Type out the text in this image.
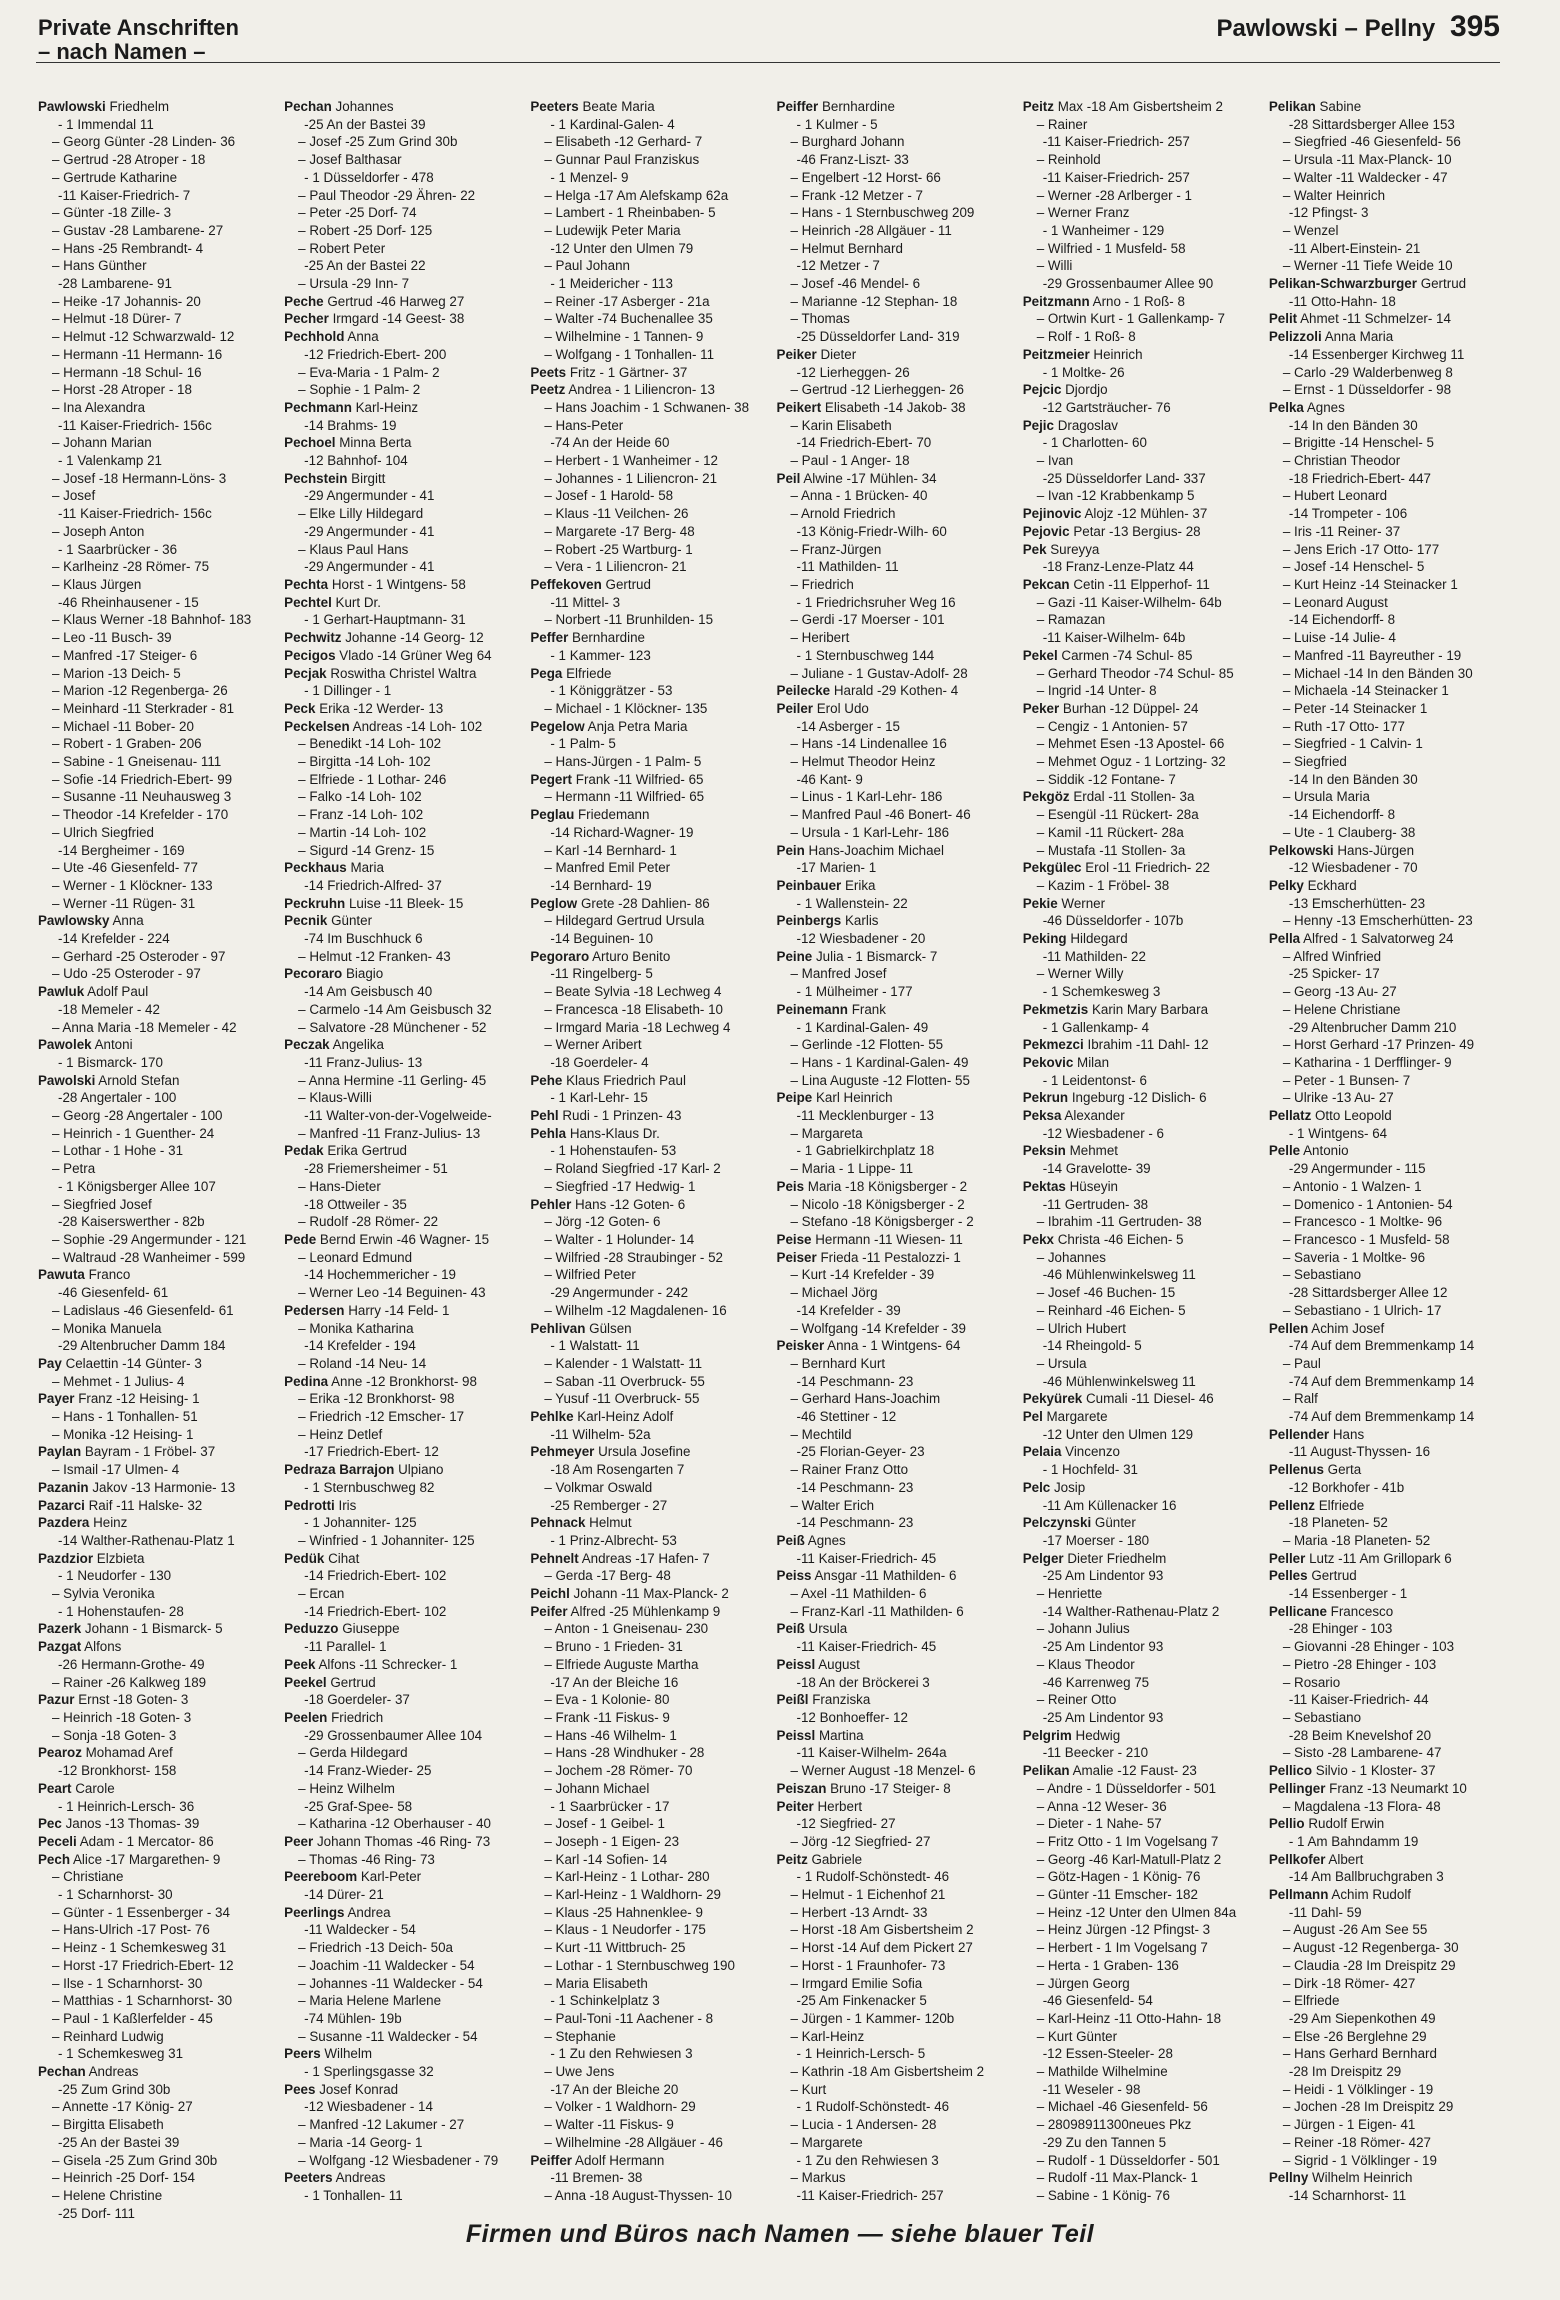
Private Anschriften
– nach Namen –
Pawlowski – Pellny 395
Pawlowski Friedhelm
- 1 Immendal 11
– Georg Günter -28 Linden- 36
– Gertrud -28 Atroper - 18
– Gertrude Katharine
-11 Kaiser-Friedrich- 7
– Günter -18 Zille- 3
– Gustav -28 Lambarene- 27
– Hans -25 Rembrandt- 4
– Hans Günther
-28 Lambarene- 91
– Heike -17 Johannis- 20
– Helmut -18 Dürer- 7
– Helmut -12 Schwarzwald- 12
– Hermann -11 Hermann- 16
– Hermann -18 Schul- 16
– Horst -28 Atroper - 18
– Ina Alexandra
-11 Kaiser-Friedrich- 156c
– Johann Marian
- 1 Valenkamp 21
– Josef -18 Hermann-Löns- 3
– Josef
-11 Kaiser-Friedrich- 156c
– Joseph Anton
- 1 Saarbrücker - 36
– Karlheinz -28 Römer- 75
– Klaus Jürgen
-46 Rheinhausener - 15
– Klaus Werner -18 Bahnhof- 183
– Leo -11 Busch- 39
– Manfred -17 Steiger- 6
– Marion -13 Deich- 5
– Marion -12 Regenberga- 26
– Meinhard -11 Sterkrader - 81
– Michael -11 Bober- 20
– Robert - 1 Graben- 206
– Sabine - 1 Gneisenau- 111
– Sofie -14 Friedrich-Ebert- 99
– Susanne -11 Neuhausweg 3
– Theodor -14 Krefelder - 170
– Ulrich Siegfried
-14 Bergheimer - 169
– Ute -46 Giesenfeld- 77
– Werner - 1 Klöckner- 133
– Werner -11 Rügen- 31
Pawlowsky Anna
-14 Krefelder - 224
– Gerhard -25 Osteroder - 97
– Udo -25 Osteroder - 97
Pawluk Adolf Paul
-18 Memeler - 42
– Anna Maria -18 Memeler - 42
Pawolek Antoni
- 1 Bismarck- 170
Pawolski Arnold Stefan
-28 Angertaler - 100
– Georg -28 Angertaler - 100
– Heinrich - 1 Guenther- 24
– Lothar - 1 Hohe - 31
– Petra
- 1 Königsberger Allee 107
– Siegfried Josef
-28 Kaiserswerther - 82b
– Sophie -29 Angermunder - 121
– Waltraud -28 Wanheimer - 599
Pawuta Franco
-46 Giesenfeld- 61
– Ladislaus -46 Giesenfeld- 61
– Monika Manuela
-29 Altenbrucher Damm 184
Pay Celaettin -14 Günter- 3
– Mehmet - 1 Julius- 4
Payer Franz -12 Heising- 1
– Hans - 1 Tonhallen- 51
– Monika -12 Heising- 1
Paylan Bayram - 1 Fröbel- 37
– Ismail -17 Ulmen- 4
Pazanin Jakov -13 Harmonie- 13
Pazarci Raif -11 Halske- 32
Pazdera Heinz
-14 Walther-Rathenau-Platz 1
Pazdzior Elzbieta
- 1 Neudorfer - 130
– Sylvia Veronika
- 1 Hohenstaufen- 28
Pazerk Johann - 1 Bismarck- 5
Pazgat Alfons
-26 Hermann-Grothe- 49
– Rainer -26 Kalkweg 189
Pazur Ernst -18 Goten- 3
– Heinrich -18 Goten- 3
– Sonja -18 Goten- 3
Pearoz Mohamad Aref
-12 Bronkhorst- 158
Peart Carole
- 1 Heinrich-Lersch- 36
Pec Janos -13 Thomas- 39
Peceli Adam - 1 Mercator- 86
Pech Alice -17 Margarethen- 9
– Christiane
- 1 Scharnhorst- 30
– Günter - 1 Essenberger - 34
– Hans-Ulrich -17 Post- 76
– Heinz - 1 Schemkesweg 31
– Horst -17 Friedrich-Ebert- 12
– Ilse - 1 Scharnhorst- 30
– Matthias - 1 Scharnhorst- 30
– Paul - 1 Kaßlerfelder - 45
– Reinhard Ludwig
- 1 Schemkesweg 31
Pechan Andreas
-25 Zum Grind 30b
– Annette -17 König- 27
– Birgitta Elisabeth
-25 An der Bastei 39
– Gisela -25 Zum Grind 30b
– Heinrich -25 Dorf- 154
– Helene Christine
-25 Dorf- 111
Pechan Johannes
-25 An der Bastei 39
– Josef -25 Zum Grind 30b
– Josef Balthasar
- 1 Düsseldorfer - 478
– Paul Theodor -29 Ähren- 22
– Peter -25 Dorf- 74
– Robert -25 Dorf- 125
– Robert Peter
-25 An der Bastei 22
– Ursula -29 Inn- 7
Peche Gertrud -46 Harweg 27
Pecher Irmgard -14 Geest- 38
Pechhold Anna
-12 Friedrich-Ebert- 200
– Eva-Maria - 1 Palm- 2
– Sophie - 1 Palm- 2
Pechmann Karl-Heinz
-14 Brahms- 19
Pechoel Minna Berta
-12 Bahnhof- 104
Pechstein Birgitt
-29 Angermunder - 41
– Elke Lilly Hildegard
-29 Angermunder - 41
– Klaus Paul Hans
-29 Angermunder - 41
Pechta Horst - 1 Wintgens- 58
Pechtel Kurt Dr.
- 1 Gerhart-Hauptmann- 31
Pechwitz Johanne -14 Georg- 12
Pecigos Vlado -14 Grüner Weg 64
Pecjak Roswitha Christel Waltra
- 1 Dillinger - 1
Peck Erika -12 Werder- 13
Peckelsen Andreas -14 Loh- 102
– Benedikt -14 Loh- 102
– Birgitta -14 Loh- 102
– Elfriede - 1 Lothar- 246
– Falko -14 Loh- 102
– Franz -14 Loh- 102
– Martin -14 Loh- 102
– Sigurd -14 Grenz- 15
Peckhaus Maria
-14 Friedrich-Alfred- 37
Peckruhn Luise -11 Bleek- 15
Pecnik Günter
-74 Im Buschhuck 6
– Helmut -12 Franken- 43
Pecoraro Biagio
-14 Am Geisbusch 40
– Carmelo -14 Am Geisbusch 32
– Salvatore -28 Münchener - 52
Peczak Angelika
-11 Franz-Julius- 13
– Anna Hermine -11 Gerling- 45
– Klaus-Willi
-11 Walter-von-der-Vogelweide-
– Manfred -11 Franz-Julius- 13
Pedak Erika Gertrud
-28 Friemersheimer - 51
– Hans-Dieter
-18 Ottweiler - 35
– Rudolf -28 Römer- 22
Pede Bernd Erwin -46 Wagner- 15
– Leonard Edmund
-14 Hochemmericher - 19
– Werner Leo -14 Beguinen- 43
Pedersen Harry -14 Feld- 1
– Monika Katharina
-14 Krefelder - 194
– Roland -14 Neu- 14
Pedina Anne -12 Bronkhorst- 98
– Erika -12 Bronkhorst- 98
– Friedrich -12 Emscher- 17
– Heinz Detlef
-17 Friedrich-Ebert- 12
Pedraza Barrajon Ulpiano
- 1 Sternbuschweg 82
Pedrotti Iris
- 1 Johanniter- 125
– Winfried - 1 Johanniter- 125
Pedük Cihat
-14 Friedrich-Ebert- 102
– Ercan
-14 Friedrich-Ebert- 102
Peduzzo Giuseppe
-11 Parallel- 1
Peek Alfons -11 Schrecker- 1
Peekel Gertrud
-18 Goerdeler- 37
Peelen Friedrich
-29 Grossenbaumer Allee 104
– Gerda Hildegard
-14 Franz-Wieder- 25
– Heinz Wilhelm
-25 Graf-Spee- 58
– Katharina -12 Oberhauser - 40
Peer Johann Thomas -46 Ring- 73
– Thomas -46 Ring- 73
Peereboom Karl-Peter
-14 Dürer- 21
Peerlings Andrea
-11 Waldecker - 54
– Friedrich -13 Deich- 50a
– Joachim -11 Waldecker - 54
– Johannes -11 Waldecker - 54
– Maria Helene Marlene
-74 Mühlen- 19b
– Susanne -11 Waldecker - 54
Peers Wilhelm
- 1 Sperlingsgasse 32
Pees Josef Konrad
-12 Wiesbadener - 14
– Manfred -12 Lakumer - 27
– Maria -14 Georg- 1
– Wolfgang -12 Wiesbadener - 79
Peeters Andreas
- 1 Tonhallen- 11
Peeters Beate Maria
- 1 Kardinal-Galen- 4
– Elisabeth -12 Gerhard- 7
– Gunnar Paul Franziskus
- 1 Menzel- 9
– Helga -17 Am Alefskamp 62a
– Lambert - 1 Rheinbaben- 5
– Ludewijk Peter Maria
-12 Unter den Ulmen 79
– Paul Johann
- 1 Meidericher - 113
– Reiner -17 Asberger - 21a
– Walter -74 Buchenallee 35
– Wilhelmine - 1 Tannen- 9
– Wolfgang - 1 Tonhallen- 11
Peets Fritz - 1 Gärtner- 37
Peetz Andrea - 1 Liliencron- 13
– Hans Joachim - 1 Schwanen- 38
– Hans-Peter
-74 An der Heide 60
– Herbert - 1 Wanheimer - 12
– Johannes - 1 Liliencron- 21
– Josef - 1 Harold- 58
– Klaus -11 Veilchen- 26
– Margarete -17 Berg- 48
– Robert -25 Wartburg- 1
– Vera - 1 Liliencron- 21
Peffekoven Gertrud
-11 Mittel- 3
– Norbert -11 Brunhilden- 15
Peffer Bernhardine
- 1 Kammer- 123
Pega Elfriede
- 1 Königgrätzer - 53
– Michael - 1 Klöckner- 135
Pegelow Anja Petra Maria
- 1 Palm- 5
– Hans-Jürgen - 1 Palm- 5
Pegert Frank -11 Wilfried- 65
– Hermann -11 Wilfried- 65
Peglau Friedemann
-14 Richard-Wagner- 19
– Karl -14 Bernhard- 1
– Manfred Emil Peter
-14 Bernhard- 19
Peglow Grete -28 Dahlien- 86
– Hildegard Gertrud Ursula
-14 Beguinen- 10
Pegoraro Arturo Benito
-11 Ringelberg- 5
– Beate Sylvia -18 Lechweg 4
– Francesca -18 Elisabeth- 10
– Irmgard Maria -18 Lechweg 4
– Werner Aribert
-18 Goerdeler- 4
Pehe Klaus Friedrich Paul
- 1 Karl-Lehr- 15
Pehl Rudi - 1 Prinzen- 43
Pehla Hans-Klaus Dr.
- 1 Hohenstaufen- 53
– Roland Siegfried -17 Karl- 2
– Siegfried -17 Hedwig- 1
Pehler Hans -12 Goten- 6
– Jörg -12 Goten- 6
– Walter - 1 Holunder- 14
– Wilfried -28 Straubinger - 52
– Wilfried Peter
-29 Angermunder - 242
– Wilhelm -12 Magdalenen- 16
Pehlivan Gülsen
- 1 Walstatt- 11
– Kalender - 1 Walstatt- 11
– Saban -11 Overbruck- 55
– Yusuf -11 Overbruck- 55
Pehlke Karl-Heinz Adolf
-11 Wilhelm- 52a
Pehmeyer Ursula Josefine
-18 Am Rosengarten 7
– Volkmar Oswald
-25 Remberger - 27
Pehnack Helmut
- 1 Prinz-Albrecht- 53
Pehnelt Andreas -17 Hafen- 7
– Gerda -17 Berg- 48
Peichl Johann -11 Max-Planck- 2
Peifer Alfred -25 Mühlenkamp 9
– Anton - 1 Gneisenau- 230
– Bruno - 1 Frieden- 31
– Elfriede Auguste Martha
-17 An der Bleiche 16
– Eva - 1 Kolonie- 80
– Frank -11 Fiskus- 9
– Hans -46 Wilhelm- 1
– Hans -28 Windhuker - 28
– Jochem -28 Römer- 70
– Johann Michael
- 1 Saarbrücker - 17
– Josef - 1 Geibel- 1
– Joseph - 1 Eigen- 23
– Karl -14 Sofien- 14
– Karl-Heinz - 1 Lothar- 280
– Karl-Heinz - 1 Waldhorn- 29
– Klaus -25 Hahnenklee- 9
– Klaus - 1 Neudorfer - 175
– Kurt -11 Wittbruch- 25
– Lothar - 1 Sternbuschweg 190
– Maria Elisabeth
- 1 Schinkelplatz 3
– Paul-Toni -11 Aachener - 8
– Stephanie
- 1 Zu den Rehwiesen 3
– Uwe Jens
-17 An der Bleiche 20
– Volker - 1 Waldhorn- 29
– Walter -11 Fiskus- 9
– Wilhelmine -28 Allgäuer - 46
Peiffer Adolf Hermann
-11 Bremen- 38
– Anna -18 August-Thyssen- 10
Peiffer Bernhardine
- 1 Kulmer - 5
– Burghard Johann
-46 Franz-Liszt- 33
– Engelbert -12 Horst- 66
– Frank -12 Metzer - 7
– Hans - 1 Sternbuschweg 209
– Heinrich -28 Allgäuer - 11
– Helmut Bernhard
-12 Metzer - 7
– Josef -46 Mendel- 6
– Marianne -12 Stephan- 18
– Thomas
-25 Düsseldorfer Land- 319
Peiker Dieter
-12 Lierheggen- 26
– Gertrud -12 Lierheggen- 26
Peikert Elisabeth -14 Jakob- 38
– Karin Elisabeth
-14 Friedrich-Ebert- 70
– Paul - 1 Anger- 18
Peil Alwine -17 Mühlen- 34
– Anna - 1 Brücken- 40
– Arnold Friedrich
-13 König-Friedr-Wilh- 60
– Franz-Jürgen
-11 Mathilden- 11
– Friedrich
- 1 Friedrichsruher Weg 16
– Gerdi -17 Moerser - 101
– Heribert
- 1 Sternbuschweg 144
– Juliane - 1 Gustav-Adolf- 28
Peilecke Harald -29 Kothen- 4
Peiler Erol Udo
-14 Asberger - 15
– Hans -14 Lindenallee 16
– Helmut Theodor Heinz
-46 Kant- 9
– Linus - 1 Karl-Lehr- 186
– Manfred Paul -46 Bonert- 46
– Ursula - 1 Karl-Lehr- 186
Pein Hans-Joachim Michael
-17 Marien- 1
Peinbauer Erika
- 1 Wallenstein- 22
Peinbergs Karlis
-12 Wiesbadener - 20
Peine Julia - 1 Bismarck- 7
– Manfred Josef
- 1 Mülheimer - 177
Peinemann Frank
- 1 Kardinal-Galen- 49
– Gerlinde -12 Flotten- 55
– Hans - 1 Kardinal-Galen- 49
– Lina Auguste -12 Flotten- 55
Peipe Karl Heinrich
-11 Mecklenburger - 13
– Margareta
- 1 Gabrielkirchplatz 18
– Maria - 1 Lippe- 11
Peis Maria -18 Königsberger - 2
– Nicolo -18 Königsberger - 2
– Stefano -18 Königsberger - 2
Peise Hermann -11 Wiesen- 11
Peiser Frieda -11 Pestalozzi- 1
– Kurt -14 Krefelder - 39
– Michael Jörg
-14 Krefelder - 39
– Wolfgang -14 Krefelder - 39
Peisker Anna - 1 Wintgens- 64
– Bernhard Kurt
-14 Peschmann- 23
– Gerhard Hans-Joachim
-46 Stettiner - 12
– Mechtild
-25 Florian-Geyer- 23
– Rainer Franz Otto
-14 Peschmann- 23
– Walter Erich
-14 Peschmann- 23
Peiß Agnes
-11 Kaiser-Friedrich- 45
Peiss Ansgar -11 Mathilden- 6
– Axel -11 Mathilden- 6
– Franz-Karl -11 Mathilden- 6
Peiß Ursula
-11 Kaiser-Friedrich- 45
Peissl August
-18 An der Bröckerei 3
Peißl Franziska
-12 Bonhoeffer- 12
Peissl Martina
-11 Kaiser-Wilhelm- 264a
– Werner August -18 Menzel- 6
Peiszan Bruno -17 Steiger- 8
Peiter Herbert
-12 Siegfried- 27
– Jörg -12 Siegfried- 27
Peitz Gabriele
- 1 Rudolf-Schönstedt- 46
– Helmut - 1 Eichenhof 21
– Herbert -13 Arndt- 33
– Horst -18 Am Gisbertsheim 2
– Horst -14 Auf dem Pickert 27
– Horst - 1 Fraunhofer- 73
– Irmgard Emilie Sofia
-25 Am Finkenacker 5
– Jürgen - 1 Kammer- 120b
– Karl-Heinz
- 1 Heinrich-Lersch- 5
– Kathrin -18 Am Gisbertsheim 2
– Kurt
- 1 Rudolf-Schönstedt- 46
– Lucia - 1 Andersen- 28
– Margarete
- 1 Zu den Rehwiesen 3
– Markus
-11 Kaiser-Friedrich- 257
Peitz Max -18 Am Gisbertsheim 2
– Rainer
-11 Kaiser-Friedrich- 257
– Reinhold
-11 Kaiser-Friedrich- 257
– Werner -28 Arlberger - 1
– Werner Franz
- 1 Wanheimer - 129
– Wilfried - 1 Musfeld- 58
– Willi
-29 Grossenbaumer Allee 90
Peitzmann Arno - 1 Roß- 8
– Ortwin Kurt - 1 Gallenkamp- 7
– Rolf - 1 Roß- 8
Peitzmeier Heinrich
- 1 Moltke- 26
Pejcic Djordjo
-12 Gartsträucher- 76
Pejic Dragoslav
- 1 Charlotten- 60
– Ivan
-25 Düsseldorfer Land- 337
– Ivan -12 Krabbenkamp 5
Pejinovic Alojz -12 Mühlen- 37
Pejovic Petar -13 Bergius- 28
Pek Sureyya
-18 Franz-Lenze-Platz 44
Pekcan Cetin -11 Elpperhof- 11
– Gazi -11 Kaiser-Wilhelm- 64b
– Ramazan
-11 Kaiser-Wilhelm- 64b
Pekel Carmen -74 Schul- 85
– Gerhard Theodor -74 Schul- 85
– Ingrid -14 Unter- 8
Peker Burhan -12 Düppel- 24
– Cengiz - 1 Antonien- 57
– Mehmet Esen -13 Apostel- 66
– Mehmet Oguz - 1 Lortzing- 32
– Siddik -12 Fontane- 7
Pekgöz Erdal -11 Stollen- 3a
– Esengül -11 Rückert- 28a
– Kamil -11 Rückert- 28a
– Mustafa -11 Stollen- 3a
Pekgülec Erol -11 Friedrich- 22
– Kazim - 1 Fröbel- 38
Pekie Werner
-46 Düsseldorfer - 107b
Peking Hildegard
-11 Mathilden- 22
– Werner Willy
- 1 Schemkesweg 3
Pekmetzis Karin Mary Barbara
- 1 Gallenkamp- 4
Pekmezci Ibrahim -11 Dahl- 12
Pekovic Milan
- 1 Leidentonst- 6
Pekrun Ingeburg -12 Dislich- 6
Peksa Alexander
-12 Wiesbadener - 6
Peksin Mehmet
-14 Gravelotte- 39
Pektas Hüseyin
-11 Gertruden- 38
– Ibrahim -11 Gertruden- 38
Pekx Christa -46 Eichen- 5
– Johannes
-46 Mühlenwinkelsweg 11
– Josef -46 Buchen- 15
– Reinhard -46 Eichen- 5
– Ulrich Hubert
-14 Rheingold- 5
– Ursula
-46 Mühlenwinkelsweg 11
Pekyürek Cumali -11 Diesel- 46
Pel Margarete
-12 Unter den Ulmen 129
Pelaia Vincenzo
- 1 Hochfeld- 31
Pelc Josip
-11 Am Küllenacker 16
Pelczynski Günter
-17 Moerser - 180
Pelger Dieter Friedhelm
-25 Am Lindentor 93
– Henriette
-14 Walther-Rathenau-Platz 2
– Johann Julius
-25 Am Lindentor 93
– Klaus Theodor
-46 Karrenweg 75
– Reiner Otto
-25 Am Lindentor 93
Pelgrim Hedwig
-11 Beecker - 210
Pelikan Amalie -12 Faust- 23
– Andre - 1 Düsseldorfer - 501
– Anna -12 Weser- 36
– Dieter - 1 Nahe- 57
– Fritz Otto - 1 Im Vogelsang 7
– Georg -46 Karl-Matull-Platz 2
– Götz-Hagen - 1 König- 76
– Günter -11 Emscher- 182
– Heinz -12 Unter den Ulmen 84a
– Heinz Jürgen -12 Pfingst- 3
– Herbert - 1 Im Vogelsang 7
– Herta - 1 Graben- 136
– Jürgen Georg
-46 Giesenfeld- 54
– Karl-Heinz -11 Otto-Hahn- 18
– Kurt Günter
-12 Essen-Steeler- 28
– Mathilde Wilhelmine
-11 Weseler - 98
– Michael -46 Giesenfeld- 56
– 28098911300neues Pkz
-29 Zu den Tannen 5
– Rudolf - 1 Düsseldorfer - 501
– Rudolf -11 Max-Planck- 1
– Sabine - 1 König- 76
Pelikan Sabine
-28 Sittardsberger Allee 153
– Siegfried -46 Giesenfeld- 56
– Ursula -11 Max-Planck- 10
– Walter -11 Waldecker - 47
– Walter Heinrich
-12 Pfingst- 3
– Wenzel
-11 Albert-Einstein- 21
– Werner -11 Tiefe Weide 10
Pelikan-Schwarzburger Gertrud
-11 Otto-Hahn- 18
Pelit Ahmet -11 Schmelzer- 14
Pelizzoli Anna Maria
-14 Essenberger Kirchweg 11
– Carlo -29 Walderbenweg 8
– Ernst - 1 Düsseldorfer - 98
Pelka Agnes
-14 In den Bänden 30
– Brigitte -14 Henschel- 5
– Christian Theodor
-18 Friedrich-Ebert- 447
– Hubert Leonard
-14 Trompeter - 106
– Iris -11 Reiner- 37
– Jens Erich -17 Otto- 177
– Josef -14 Henschel- 5
– Kurt Heinz -14 Steinacker 1
– Leonard August
-14 Eichendorff- 8
– Luise -14 Julie- 4
– Manfred -11 Bayreuther - 19
– Michael -14 In den Bänden 30
– Michaela -14 Steinacker 1
– Peter -14 Steinacker 1
– Ruth -17 Otto- 177
– Siegfried - 1 Calvin- 1
– Siegfried
-14 In den Bänden 30
– Ursula Maria
-14 Eichendorff- 8
– Ute - 1 Clauberg- 38
Pelkowski Hans-Jürgen
-12 Wiesbadener - 70
Pelky Eckhard
-13 Emscherhütten- 23
– Henny -13 Emscherhütten- 23
Pella Alfred - 1 Salvatorweg 24
– Alfred Winfried
-25 Spicker- 17
– Georg -13 Au- 27
– Helene Christiane
-29 Altenbrucher Damm 210
– Horst Gerhard -17 Prinzen- 49
– Katharina - 1 Derfflinger- 9
– Peter - 1 Bunsen- 7
– Ulrike -13 Au- 27
Pellatz Otto Leopold
- 1 Wintgens- 64
Pelle Antonio
-29 Angermunder - 115
– Antonio - 1 Walzen- 1
– Domenico - 1 Antonien- 54
– Francesco - 1 Moltke- 96
– Francesco - 1 Musfeld- 58
– Saveria - 1 Moltke- 96
– Sebastiano
-28 Sittardsberger Allee 12
– Sebastiano - 1 Ulrich- 17
Pellen Achim Josef
-74 Auf dem Bremmenkamp 14
– Paul
-74 Auf dem Bremmenkamp 14
– Ralf
-74 Auf dem Bremmenkamp 14
Pellender Hans
-11 August-Thyssen- 16
Pellenus Gerta
-12 Borkhofer - 41b
Pellenz Elfriede
-18 Planeten- 52
– Maria -18 Planeten- 52
Peller Lutz -11 Am Grillopark 6
Pelles Gertrud
-14 Essenberger - 1
Pellicane Francesco
-28 Ehinger - 103
– Giovanni -28 Ehinger - 103
– Pietro -28 Ehinger - 103
– Rosario
-11 Kaiser-Friedrich- 44
– Sebastiano
-28 Beim Knevelshof 20
– Sisto -28 Lambarene- 47
Pellico Silvio - 1 Kloster- 37
Pellinger Franz -13 Neumarkt 10
– Magdalena -13 Flora- 48
Pellio Rudolf Erwin
- 1 Am Bahndamm 19
Pellkofer Albert
-14 Am Ballbruchgraben 3
Pellmann Achim Rudolf
-11 Dahl- 59
– August -26 Am See 55
– August -12 Regenberga- 30
– Claudia -28 Im Dreispitz 29
– Dirk -18 Römer- 427
– Elfriede
-29 Am Siepenkothen 49
– Else -26 Berglehne 29
– Hans Gerhard Bernhard
-28 Im Dreispitz 29
– Heidi - 1 Völklinger - 19
– Jochen -28 Im Dreispitz 29
– Jürgen - 1 Eigen- 41
– Reiner -18 Römer- 427
– Sigrid - 1 Völklinger - 19
Pellny Wilhelm Heinrich
-14 Scharnhorst- 11
Firmen und Büros nach Namen — siehe blauer Teil
